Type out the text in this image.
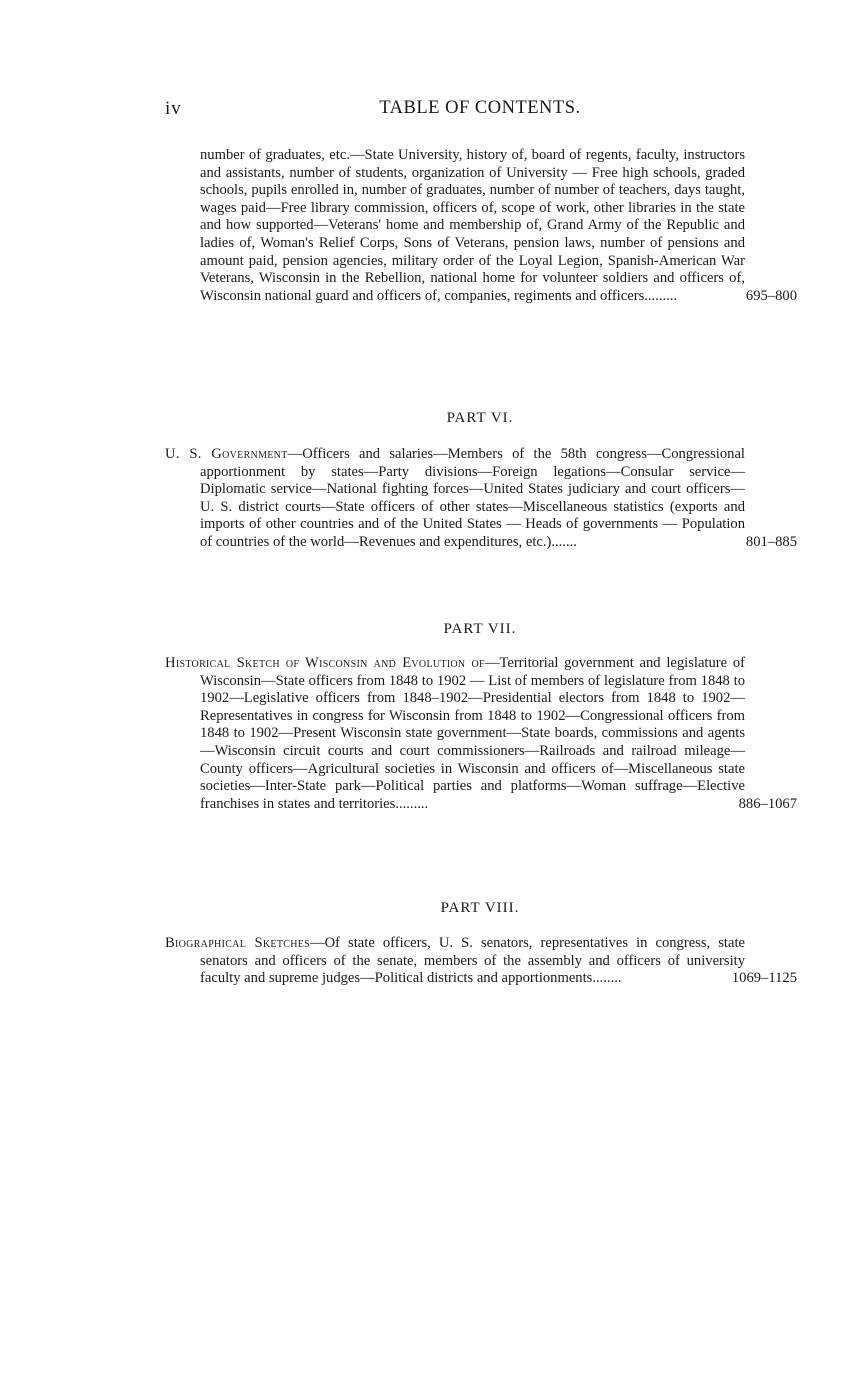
iv	TABLE OF CONTENTS.
number of graduates, etc.—State University, history of, board of regents, faculty, instructors and assistants, number of students, organization of University — Free high schools, graded schools, pupils enrolled in, number of graduates, number of number of teachers, days taught, wages paid—Free library commission, officers of, scope of work, other libraries in the state and how supported—Veterans' home and membership of, Grand Army of the Republic and ladies of, Woman's Relief Corps, Sons of Veterans, pension laws, number of pensions and amount paid, pension agencies, military order of the Loyal Legion, Spanish-American War Veterans, Wisconsin in the Rebellion, national home for volunteer soldiers and officers of, Wisconsin national guard and officers of, companies, regiments and officers.........	695–800
PART VI.
U. S. Government—Officers and salaries—Members of the 58th congress—Congressional apportionment by states—Party divisions—Foreign legations—Consular service—Diplomatic service—National fighting forces—United States judiciary and court officers—U. S. district courts—State officers of other states—Miscellaneous statistics (exports and imports of other countries and of the United States — Heads of governments — Population of countries of the world—Revenues and expenditures, etc.).......	801–885
PART VII.
Historical Sketch of Wisconsin and Evolution of—Territorial government and legislature of Wisconsin—State officers from 1848 to 1902 — List of members of legislature from 1848 to 1902—Legislative officers from 1848–1902—Presidential electors from 1848 to 1902—Representatives in congress for Wisconsin from 1848 to 1902—Congressional officers from 1848 to 1902—Present Wisconsin state government—State boards, commissions and agents—Wisconsin circuit courts and court commissioners—Railroads and railroad mileage—County officers—Agricultural societies in Wisconsin and officers of—Miscellaneous state societies—Inter-State park—Political parties and platforms—Woman suffrage—Elective franchises in states and territories.........	886–1067
PART VIII.
Biographical Sketches—Of state officers, U. S. senators, representatives in congress, state senators and officers of the senate, members of the assembly and officers of university faculty and supreme judges—Political districts and apportionments........	1069–1125
